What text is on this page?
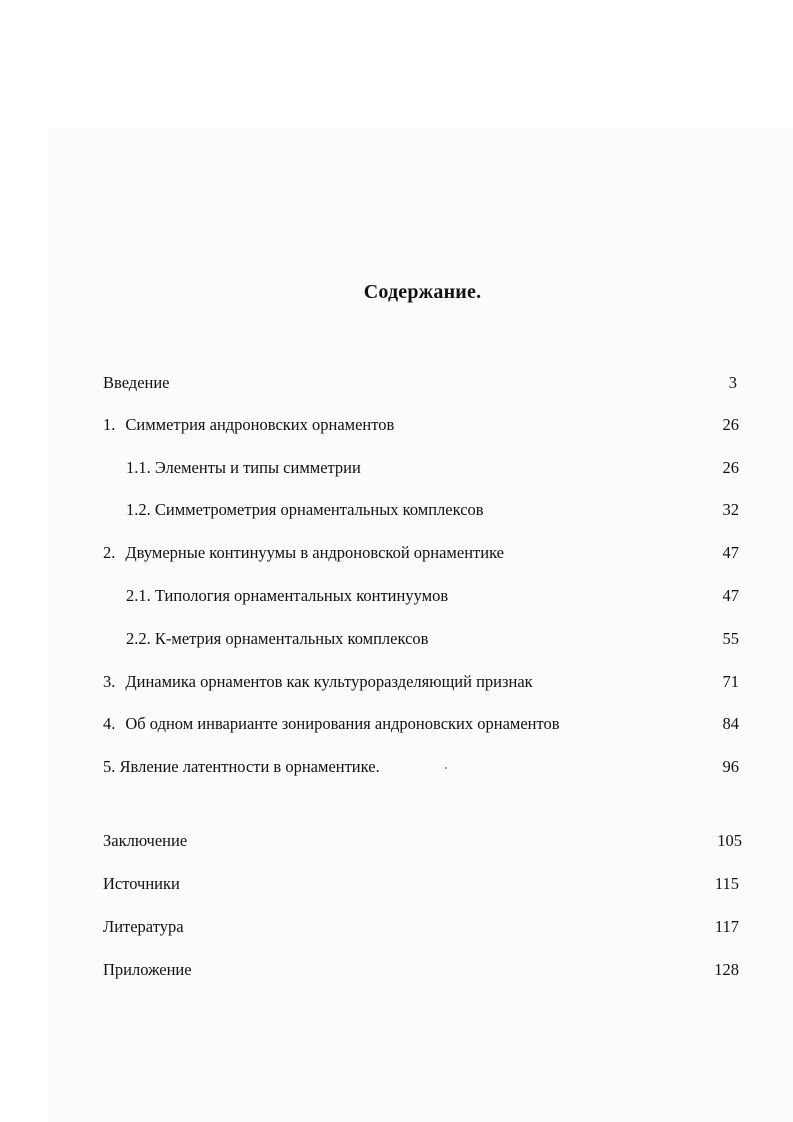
Содержание.
Введение	3
1. Симметрия андроновских орнаментов	26
1.1. Элементы и типы симметрии	26
1.2. Симметрометрия орнаментальных комплексов	32
2. Двумерные континуумы в андроновской орнаментике	47
2.1. Типология орнаментальных континуумов	47
2.2. К-метрия орнаментальных комплексов	55
3. Динамика орнаментов как культуроразделяющий признак	71
4. Об одном инварианте зонирования андроновских орнаментов	84
5. Явление латентности в орнаментике.	96
Заключение	105
Источники	115
Литература	117
Приложение	128
